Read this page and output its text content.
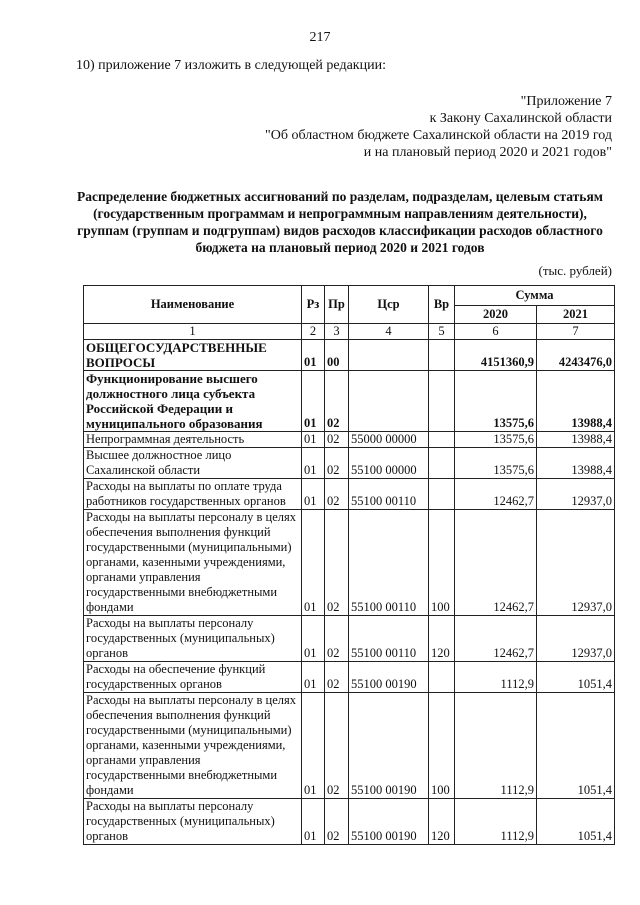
217
10) приложение 7 изложить в следующей редакции:
"Приложение 7
к Закону Сахалинской области
"Об областном бюджете Сахалинской области на 2019 год
и на плановый период 2020 и 2021 годов"
Распределение бюджетных ассигнований по разделам, подразделам, целевым статьям
(государственным программам и непрограммным направлениям деятельности),
группам (группам и подгруппам) видов расходов классификации расходов областного
бюджета на плановый период 2020 и 2021 годов
(тыс. рублей)
Наименование	Рз	Пр	Цср	Вр	Сумма	
					2020	2021
1	2	3	4	5	6	7
ОБЩЕГОСУДАРСТВЕННЫЕ ВОПРОСЫ	01	00			4151360,9	4243476,0
Функционирование высшего должностного лица субъекта Российской Федерации и муниципального образования	01	02			13575,6	13988,4
Непрограммная деятельность	01	02	55000 00000		13575,6	13988,4
Высшее должностное лицо Сахалинской области	01	02	55100 00000		13575,6	13988,4
Расходы на выплаты по оплате труда работников государственных органов	01	02	55100 00110		12462,7	12937,0
Расходы на выплаты персоналу в целях обеспечения выполнения функций государственными (муниципальными) органами, казенными учреждениями, органами управления государственными внебюджетными фондами	01	02	55100 00110	100	12462,7	12937,0
Расходы на выплаты персоналу государственных (муниципальных) органов	01	02	55100 00110	120	12462,7	12937,0
Расходы на обеспечение функций государственных органов	01	02	55100 00190		1112,9	1051,4
Расходы на выплаты персоналу в целях обеспечения выполнения функций государственными (муниципальными) органами, казенными учреждениями, органами управления государственными внебюджетными фондами	01	02	55100 00190	100	1112,9	1051,4
Расходы на выплаты персоналу государственных (муниципальных) органов	01	02	55100 00190	120	1112,9	1051,4
